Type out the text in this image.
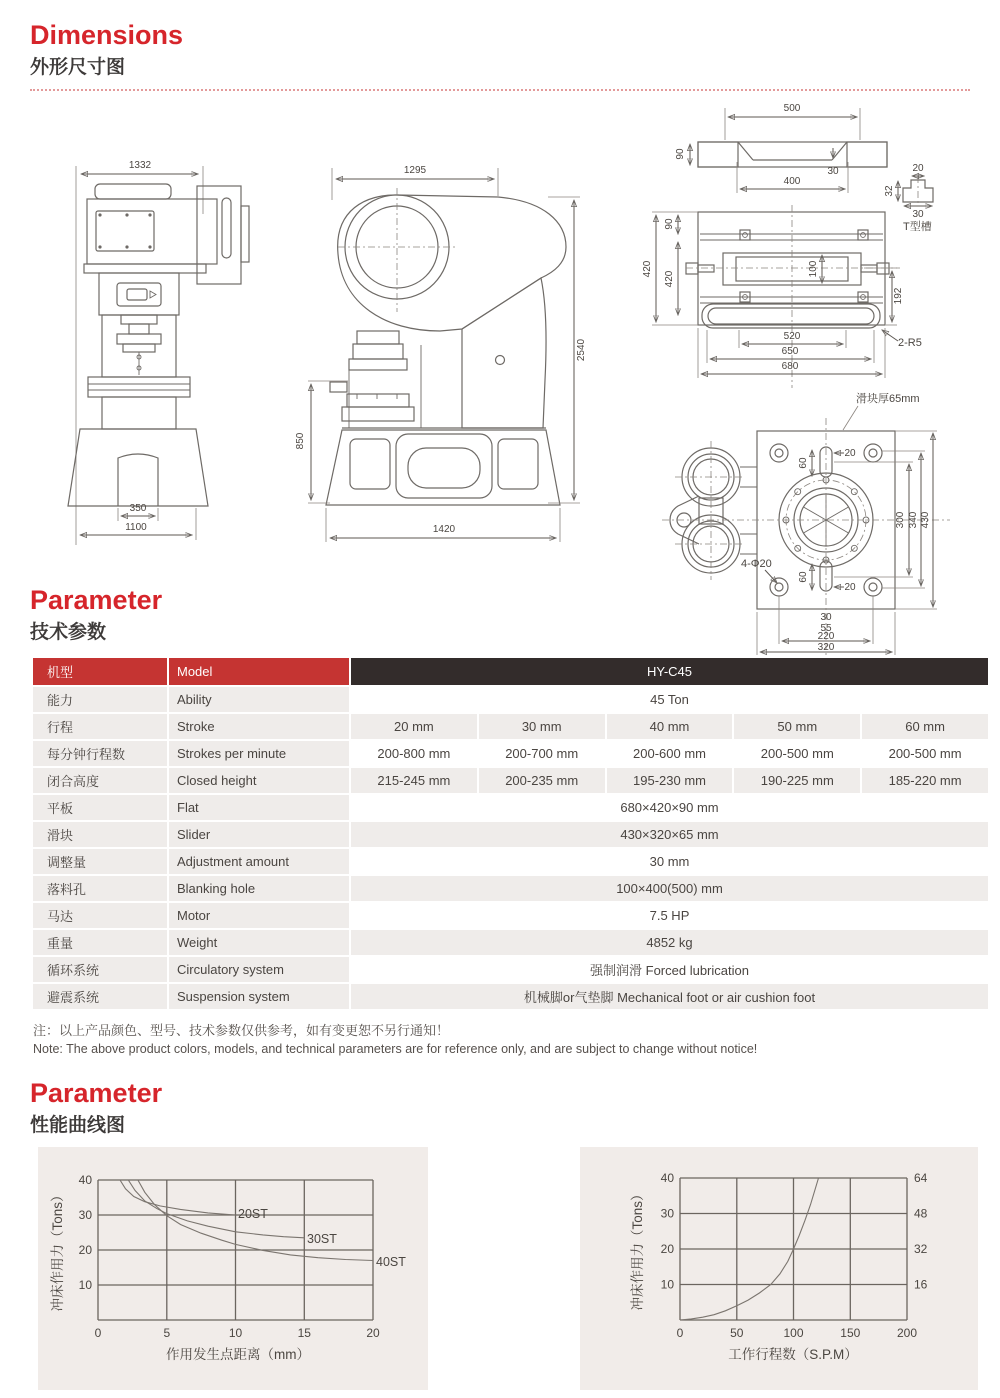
Dimensions
外形尺寸图
1332
350
1100
1295
2540
850
1420
500
90
30
400
20
32
30
T型槽
420
90
420
100
192
2-R5
520
650
680
滑块厚65mm
60
20
300 340 430
4-Φ20
60
20
30
55
220
320
Parameter
技术参数
机型	Model	HY-C45
能力	Ability	45 Ton
行程	Stroke	20 mm	30 mm	40 mm	50 mm	60 mm
每分钟行程数	Strokes per minute	200-800 mm	200-700 mm	200-600 mm	200-500 mm	200-500 mm
闭合高度	Closed height	215-245 mm	200-235 mm	195-230 mm	190-225 mm	185-220 mm
平板	Flat	680×420×90 mm
滑块	Slider	430×320×65 mm
调整量	Adjustment amount	30 mm
落料孔	Blanking hole	100×400(500) mm
马达	Motor	7.5 HP
重量	Weight	4852 kg
循环系统	Circulatory system	强制润滑 Forced lubrication
避震系统	Suspension system	机械脚or气垫脚 Mechanical foot or air cushion foot

注：以上产品颜色、型号、技术参数仅供参考，如有变更恕不另行通知！

Note: The above product colors, models, and technical parameters are for reference only, and are subject to change without notice!

Parameter
性能曲线图
40
30
20
10
0	5	10	15	20
20ST
30ST
40ST
作用发生点距离（mm）
冲床作用力（Tons）
40
30
20
10
64
48
32
16
0	50	100	150	200
工作行程数（S.P.M）
冲床作用力（Tons）
